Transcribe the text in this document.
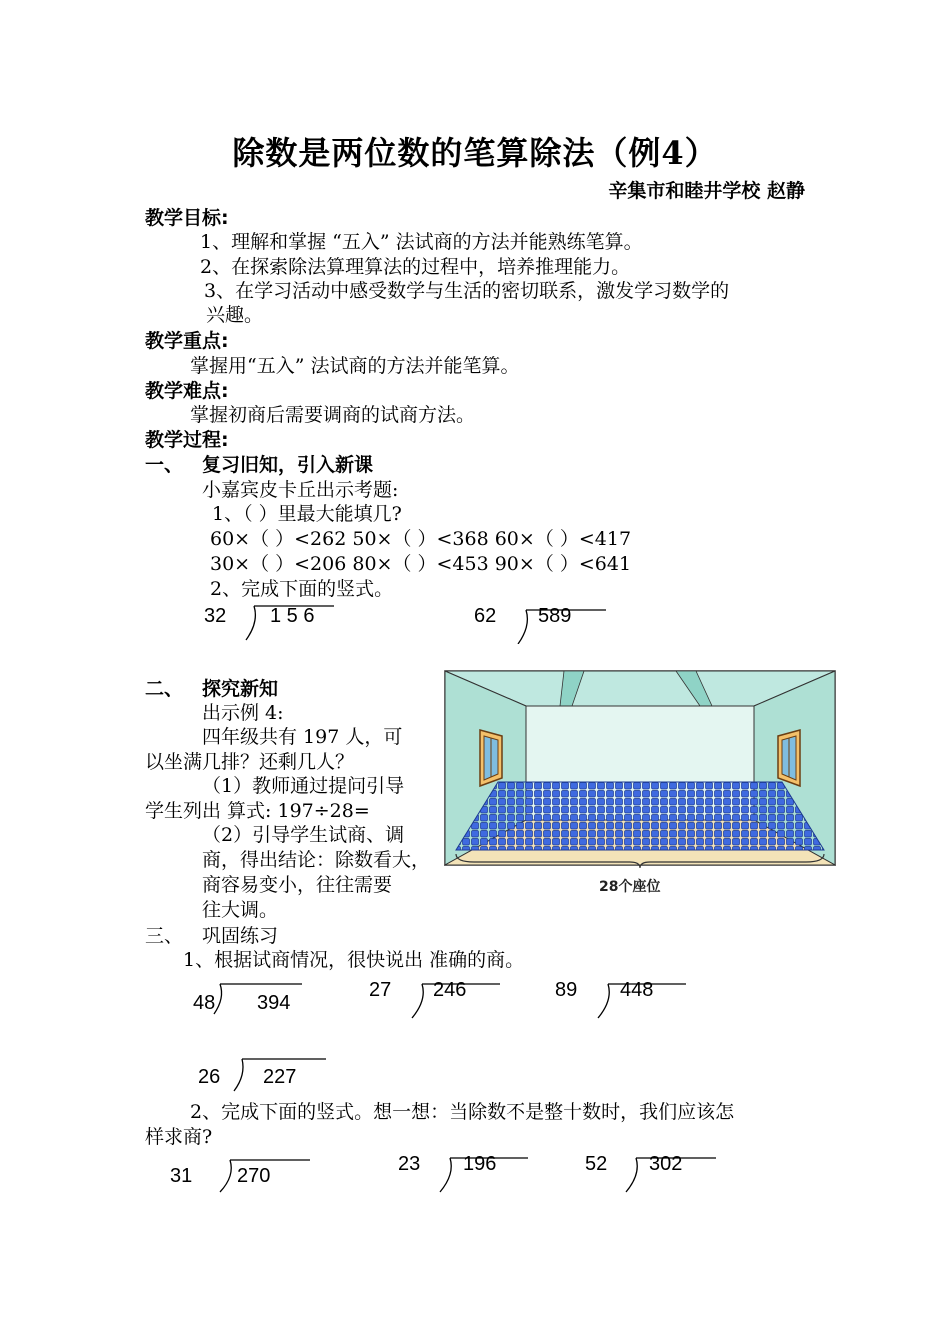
除数是两位数的笔算除法（例4）
辛集市和睦井学校 赵静
教学目标:
1、理解和掌握 “五入” 法试商的方法并能熟练笔算。
2、在探索除法算理算法的过程中，培养推理能力。
3、在学习活动中感受数学与生活的密切联系，激发学习数学的
兴趣。
教学重点:
掌握用“五入” 法试商的方法并能笔算。
教学难点:
掌握初商后需要调商的试商方法。
教学过程:
一、 复习旧知，引入新课
小嘉宾皮卡丘出示考题:
1、（ ）里最大能填几?
60×（ ）<262 50×（ ）<368 60×（ ）<417
30×（ ）<206 80×（ ）<453 90×（ ）<641
2、完成下面的竖式。
32 1 5 6	62 589
二、 探究新知
出示例 4:
四年级共有 197 人，可
以坐满几排？还剩几人？
（1）教师通过提问引导
学生列出 算式: 197÷28=
（2）引导学生试商、调
商，得出结论：除数看大，
商容易变小，往往需要
往大调。
28个座位
三、 巩固练习
1、根据试商情况，很快说出 准确的商。
48 394
27 246	89 448
26 227
2、完成下面的竖式。想一想：当除数不是整十数时，我们应该怎
样求商?
31 270
23 196	52 302
